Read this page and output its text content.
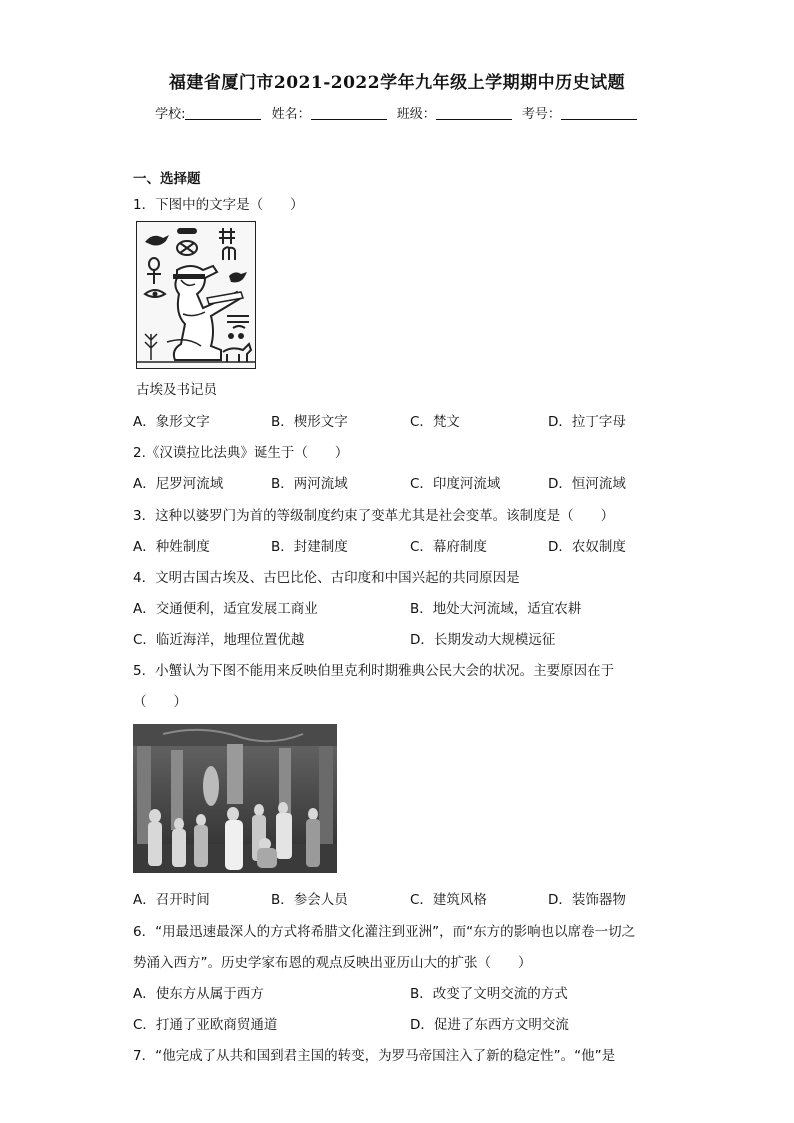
福建省厦门市2021-2022学年九年级上学期期中历史试题
学校:	姓名：	班级：	考号：
一、选择题
1．下图中的文字是（　　）
古埃及书记员
A．象形文字	B．楔形文字	C．梵文	D．拉丁字母
2.《汉谟拉比法典》诞生于（　　）
A．尼罗河流域	B．两河流域	C．印度河流域	D．恒河流域
3．这种以婆罗门为首的等级制度约束了变革尤其是社会变革。该制度是（　　）
A．种姓制度	B．封建制度	C．幕府制度	D．农奴制度
4．文明古国古埃及、古巴比伦、古印度和中国兴起的共同原因是
A．交通便利，适宜发展工商业	B．地处大河流域，适宜农耕
C．临近海洋，地理位置优越	D．长期发动大规模远征
5．小蟹认为下图不能用来反映伯里克利时期雅典公民大会的状况。主要原因在于
（　　）
A．召开时间	B．参会人员	C．建筑风格	D．装饰器物
6．“用最迅速最深人的方式将希腊文化灌注到亚洲”，而“东方的影响也以席卷一切之
势涌入西方”。历史学家布恩的观点反映出亚历山大的扩张（　　）
A．使东方从属于西方	B．改变了文明交流的方式
C．打通了亚欧商贸通道	D．促进了东西方文明交流
7．“他完成了从共和国到君主国的转变，为罗马帝国注入了新的稳定性”。“他”是
